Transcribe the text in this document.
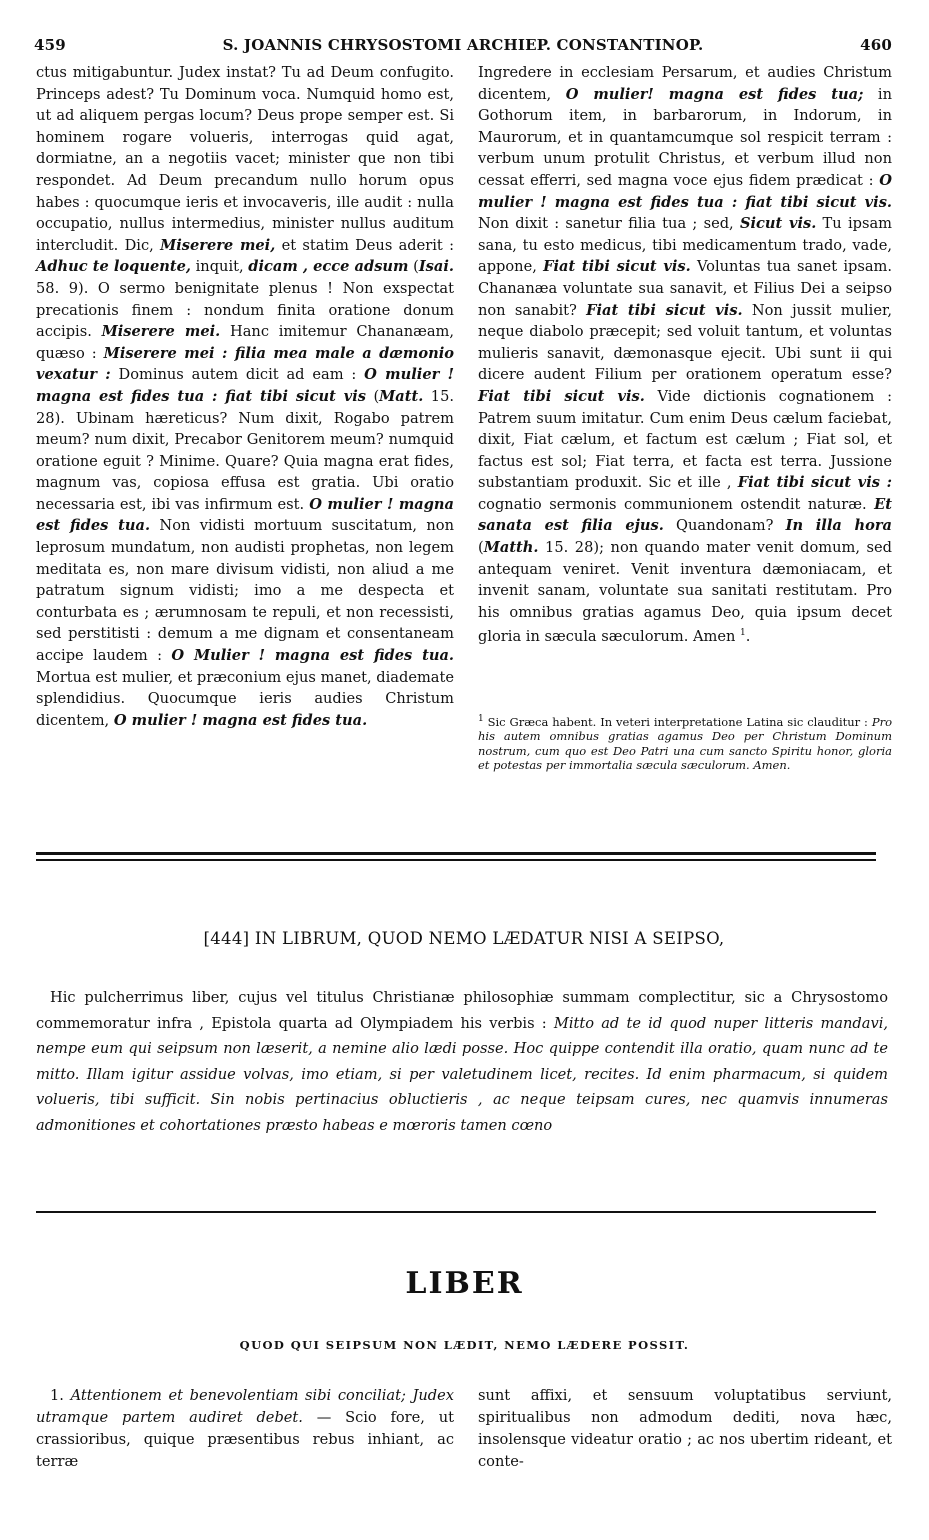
459	S. JOANNIS CHRYSOSTOMI ARCHIEP. CONSTANTINOP.	460

ctus mitigabuntur. Judex instat? Tu ad Deum confugito. Princeps adest? Tu Dominum voca. Numquid homo est, ut ad aliquem pergas locum? Deus prope semper est. Si hominem rogare volueris, interrogas quid agat, dormiatne, an a negotiis vacet; minister que non tibi respondet. Ad Deum precandum nullo horum opus habes : quocumque ieris et invocaveris, ille audit : nulla occupatio, nullus intermedius, minister nullus auditum intercludit. Dic, Miserere mei, et statim Deus aderit : Adhuc te loquente, inquit, dicam , ecce adsum (Isai. 58. 9). O sermo benignitate plenus ! Non exspectat precationis finem : nondum finita oratione donum accipis. Miserere mei. Hanc imitemur Chananæam, quæso : Miserere mei : filia mea male a dæmonio vexatur : Dominus autem dicit ad eam : O mulier ! magna est fides tua : fiat tibi sicut vis (Matt. 15. 28). Ubinam hæreticus? Num dixit, Rogabo patrem meum? num dixit, Precabor Genitorem meum? numquid oratione eguit ? Minime. Quare? Quia magna erat fides, magnum vas, copiosa effusa est gratia. Ubi oratio necessaria est, ibi vas infirmum est. O mulier ! magna est fides tua. Non vidisti mortuum suscitatum, non leprosum mundatum, non audisti prophetas, non legem meditata es, non mare divisum vidisti, non aliud a me patratum signum vidisti; imo a me despecta et conturbata es ; ærumnosam te repuli, et non recessisti, sed perstitisti : demum a me dignam et consentaneam accipe laudem : O Mulier ! magna est fides tua. Mortua est mulier, et præconium ejus manet, diademate splendidius. Quocumque ieris audies Christum dicentem, O mulier ! magna est fides tua.

Ingredere in ecclesiam Persarum, et audies Christum dicentem, O mulier! magna est fides tua; in Gothorum item, in barbarorum, in Indorum, in Maurorum, et in quantamcumque sol respicit terram : verbum unum protulit Christus, et verbum illud non cessat efferri, sed magna voce ejus fidem prædicat : O mulier ! magna est fides tua : fiat tibi sicut vis. Non dixit : sanetur filia tua ; sed, Sicut vis. Tu ipsam sana, tu esto medicus, tibi medicamentum trado, vade, appone, Fiat tibi sicut vis. Voluntas tua sanet ipsam. Chananæa voluntate sua sanavit, et Filius Dei a seipso non sanabit? Fiat tibi sicut vis. Non jussit mulier, neque diabolo præcepit; sed voluit tantum, et voluntas mulieris sanavit, dæmonasque ejecit. Ubi sunt ii qui dicere audent Filium per orationem operatum esse? Fiat tibi sicut vis. Vide dictionis cognationem : Patrem suum imitatur. Cum enim Deus cælum faciebat, dixit, Fiat cælum, et factum est cælum ; Fiat sol, et factus est sol; Fiat terra, et facta est terra. Jussione substantiam produxit. Sic et ille , Fiat tibi sicut vis : cognatio sermonis communionem ostendit naturæ. Et sanata est filia ejus. Quandonam? In illa hora (Matth. 15. 28); non quando mater venit domum, sed antequam veniret. Venit inventura dæmoniacam, et invenit sanam, voluntate sua sanitati restitutam. Pro his omnibus gratias agamus Deo, quia ipsum decet gloria in sæcula sæculorum. Amen $^1$.

$^1$ Sic Græca habent. In veteri interpretatione Latina sic clauditur : Pro his autem omnibus gratias agamus Deo per Christum Dominum nostrum, cum quo est Deo Patri una cum sancto Spiritu honor, gloria et potestas per immortalia sæcula sæculorum. Amen.
[444] IN LIBRUM, QUOD NEMO LÆDATUR NISI A SEIPSO,

Hic pulcherrimus liber, cujus vel titulus Christianæ philosophiæ summam complectitur, sic a Chrysostomo commemoratur infra , Epistola quarta ad Olympiadem his verbis : Mitto ad te id quod nuper litteris mandavi, nempe eum qui seipsum non læserit, a nemine alio lædi posse. Hoc quippe contendit illa oratio, quam nunc ad te mitto. Illam igitur assidue volvas, imo etiam, si per valetudinem licet, recites. Id enim pharmacum, si quidem volueris, tibi sufficit. Sin nobis pertinacius obluctieris , ac neque teipsam cures, nec quamvis innumeras admonitiones et cohortationes præsto habeas e mœroris tamen cœno

LIBER
QUOD QUI SEIPSUM NON LÆDIT, NEMO LÆDERE POSSIT.

1. Attentionem et benevolentiam sibi conciliat; Judex utramque partem audiret debet. — Scio fore, ut crassioribus, quique præsentibus rebus inhiant, ac terræ

sunt affixi, et sensuum voluptatibus serviunt, spiritualibus non admodum dediti, nova hæc, insolensque videatur oratio ; ac nos ubertim rideant, et conte-
